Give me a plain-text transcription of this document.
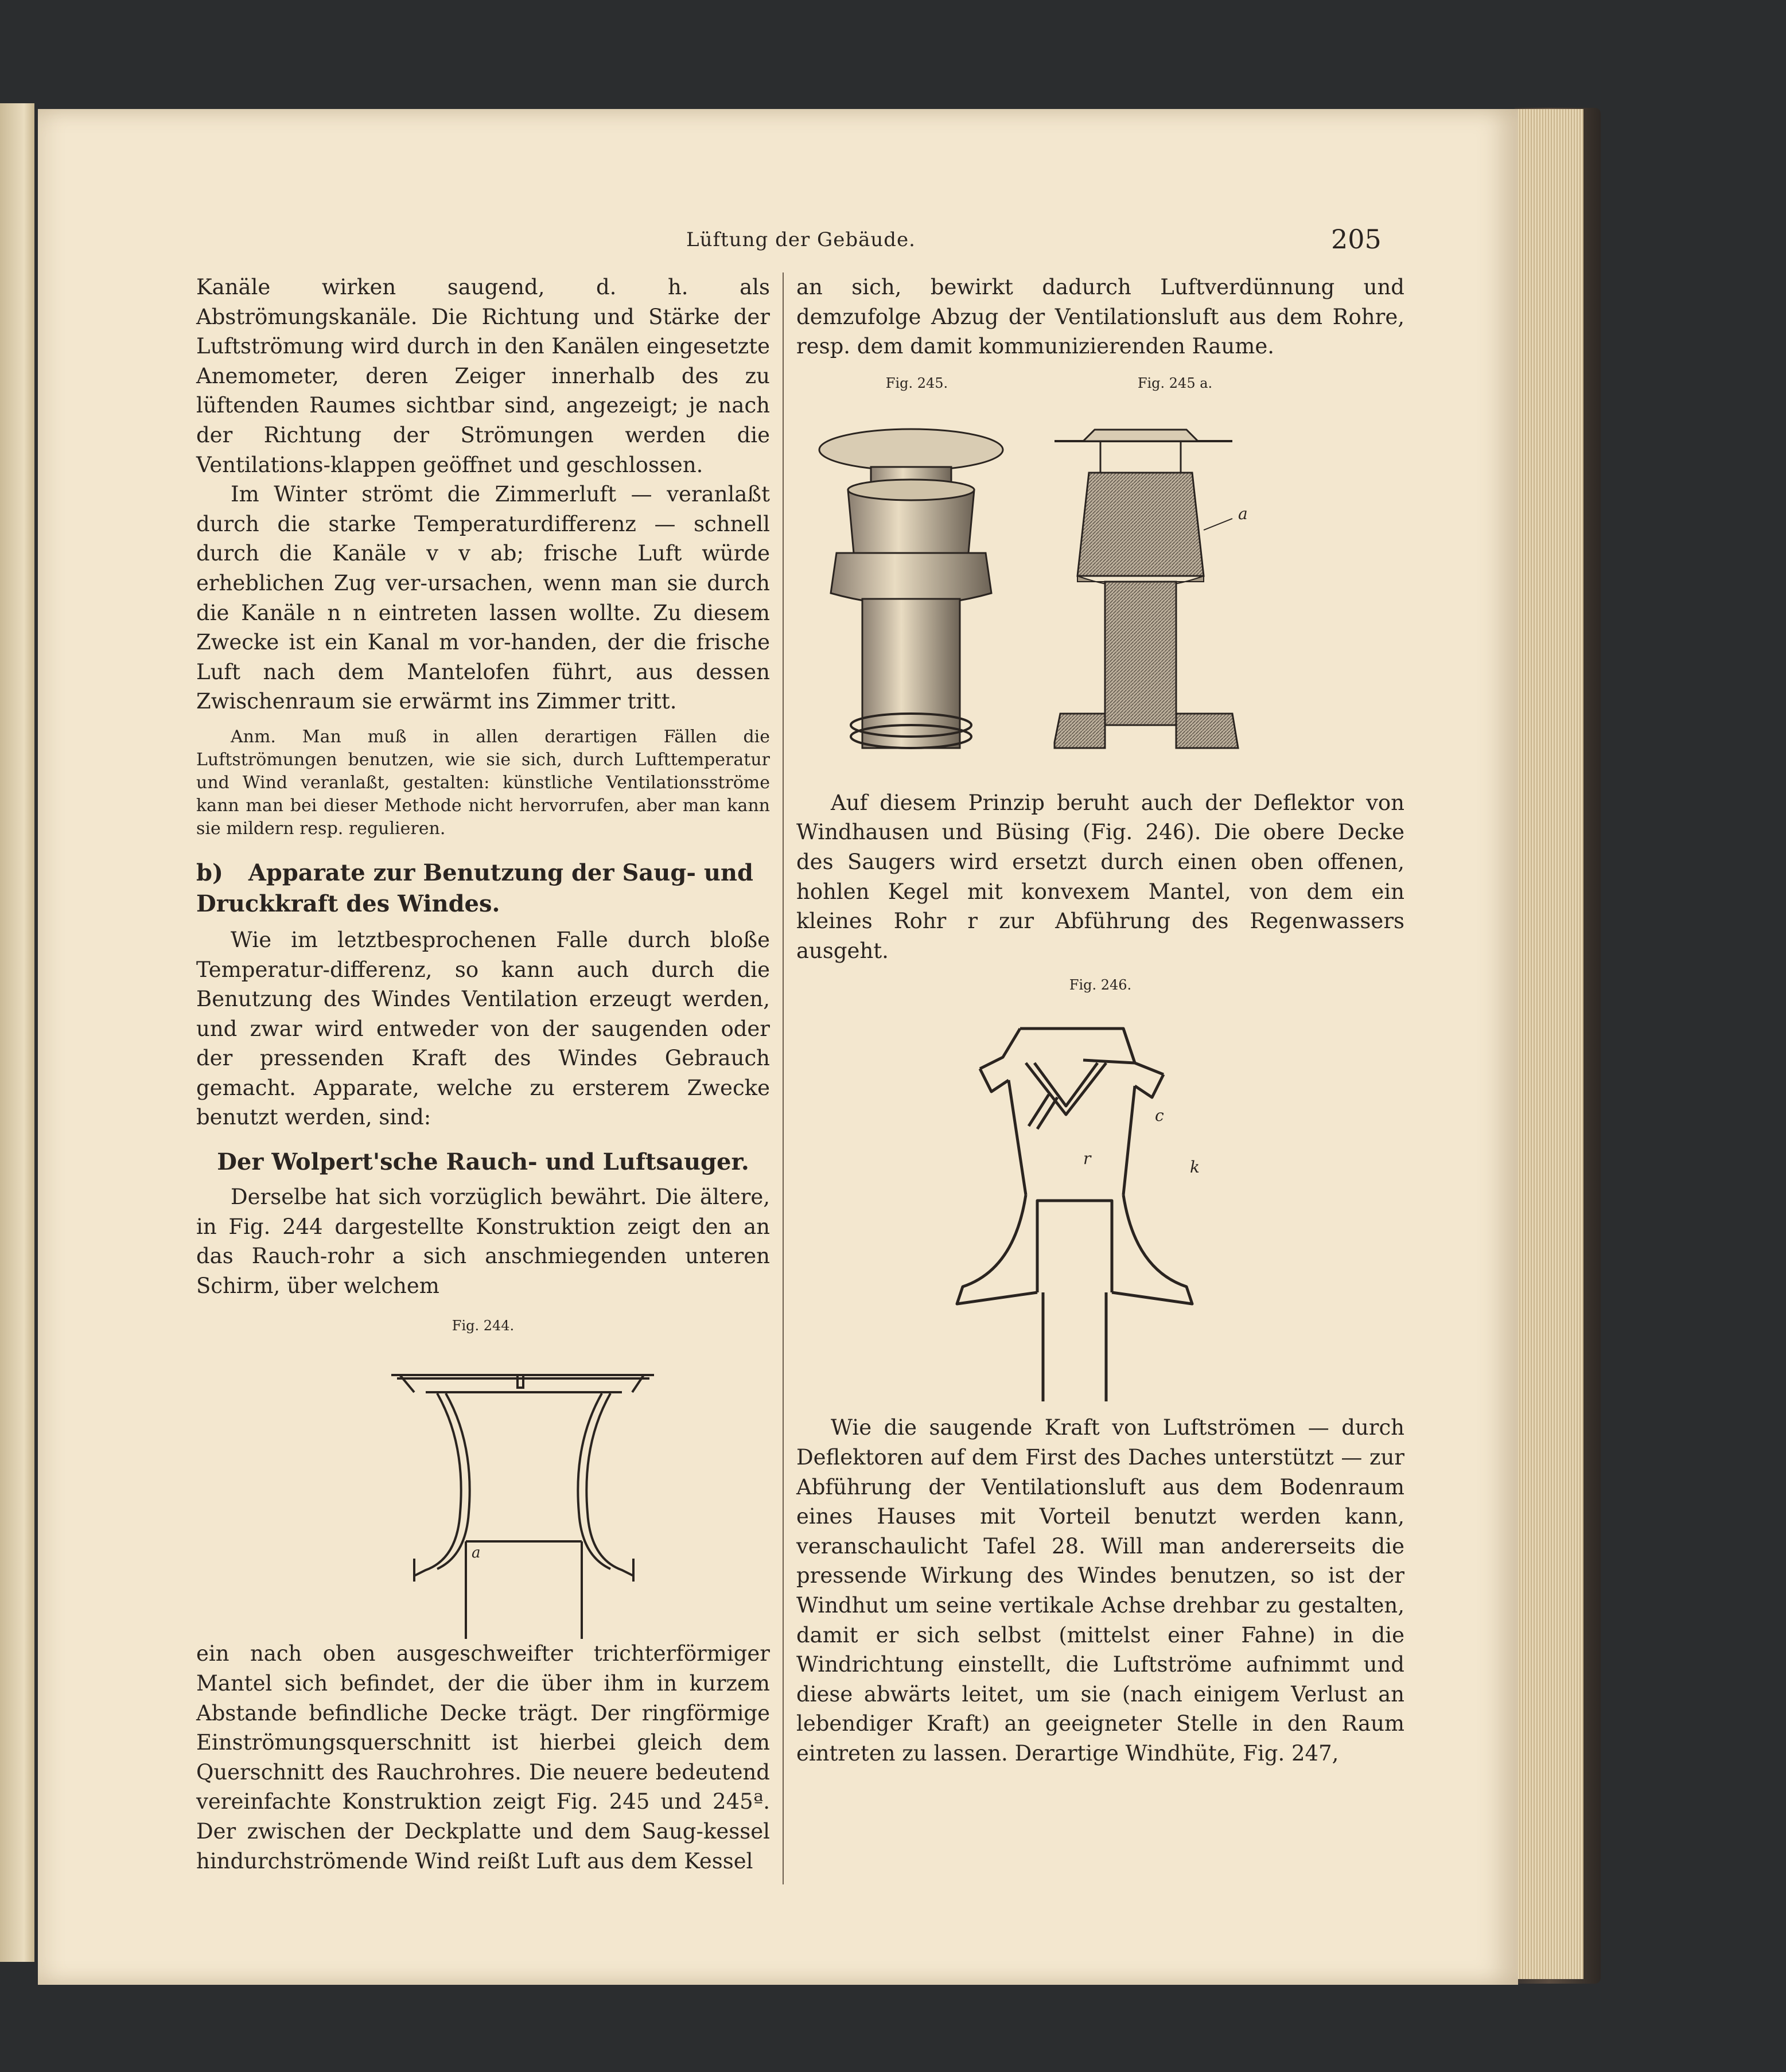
Lüftung der Gebäude.	205

Kanäle wirken saugend, d. h. als Abströmungskanäle. Die Richtung und Stärke der Luftströmung wird durch in den Kanälen eingesetzte Anemometer, deren Zeiger innerhalb des zu lüftenden Raumes sichtbar sind, angezeigt; je nach der Richtung der Strömungen werden die Ventilations-klappen geöffnet und geschlossen.

Im Winter strömt die Zimmerluft — veranlaßt durch die starke Temperaturdifferenz — schnell durch die Kanäle v v ab; frische Luft würde erheblichen Zug ver-ursachen, wenn man sie durch die Kanäle n n eintreten lassen wollte. Zu diesem Zwecke ist ein Kanal m vor-handen, der die frische Luft nach dem Mantelofen führt, aus dessen Zwischenraum sie erwärmt ins Zimmer tritt.

Anm. Man muß in allen derartigen Fällen die Luftströmungen benutzen, wie sie sich, durch Lufttemperatur und Wind veranlaßt, gestalten: künstliche Ventilationsströme kann man bei dieser Methode nicht hervorrufen, aber man kann sie mildern resp. regulieren.

b) Apparate zur Benutzung der Saug- und Druckkraft des Windes.

Wie im letztbesprochenen Falle durch bloße Temperatur-differenz, so kann auch durch die Benutzung des Windes Ventilation erzeugt werden, und zwar wird entweder von der saugenden oder der pressenden Kraft des Windes Gebrauch gemacht. Apparate, welche zu ersterem Zwecke benutzt werden, sind:

Der Wolpert'sche Rauch- und Luftsauger.

Derselbe hat sich vorzüglich bewährt. Die ältere, in Fig. 244 dargestellte Konstruktion zeigt den an das Rauch-rohr a sich anschmiegenden unteren Schirm, über welchem

Fig. 244.
a

ein nach oben ausgeschweifter trichterförmiger Mantel sich befindet, der die über ihm in kurzem Abstande befindliche Decke trägt. Der ringförmige Einströmungsquerschnitt ist hierbei gleich dem Querschnitt des Rauchrohres. Die neuere bedeutend vereinfachte Konstruktion zeigt Fig. 245 und 245ª. Der zwischen der Deckplatte und dem Saug-kessel hindurchströmende Wind reißt Luft aus dem Kessel

an sich, bewirkt dadurch Luftverdünnung und demzufolge Abzug der Ventilationsluft aus dem Rohre, resp. dem damit kommunizierenden Raume.

Fig. 245.	Fig. 245 a.
a

Auf diesem Prinzip beruht auch der Deflektor von Windhausen und Büsing (Fig. 246). Die obere Decke des Saugers wird ersetzt durch einen oben offenen, hohlen Kegel mit konvexem Mantel, von dem ein kleines Rohr r zur Abführung des Regenwassers ausgeht.

Fig. 246.
c
r	k

Wie die saugende Kraft von Luftströmen — durch Deflektoren auf dem First des Daches unterstützt — zur Abführung der Ventilationsluft aus dem Bodenraum eines Hauses mit Vorteil benutzt werden kann, veranschaulicht Tafel 28. Will man andererseits die pressende Wirkung des Windes benutzen, so ist der Windhut um seine vertikale Achse drehbar zu gestalten, damit er sich selbst (mittelst einer Fahne) in die Windrichtung einstellt, die Luftströme aufnimmt und diese abwärts leitet, um sie (nach einigem Verlust an lebendiger Kraft) an geeigneter Stelle in den Raum eintreten zu lassen. Derartige Windhüte, Fig. 247,
